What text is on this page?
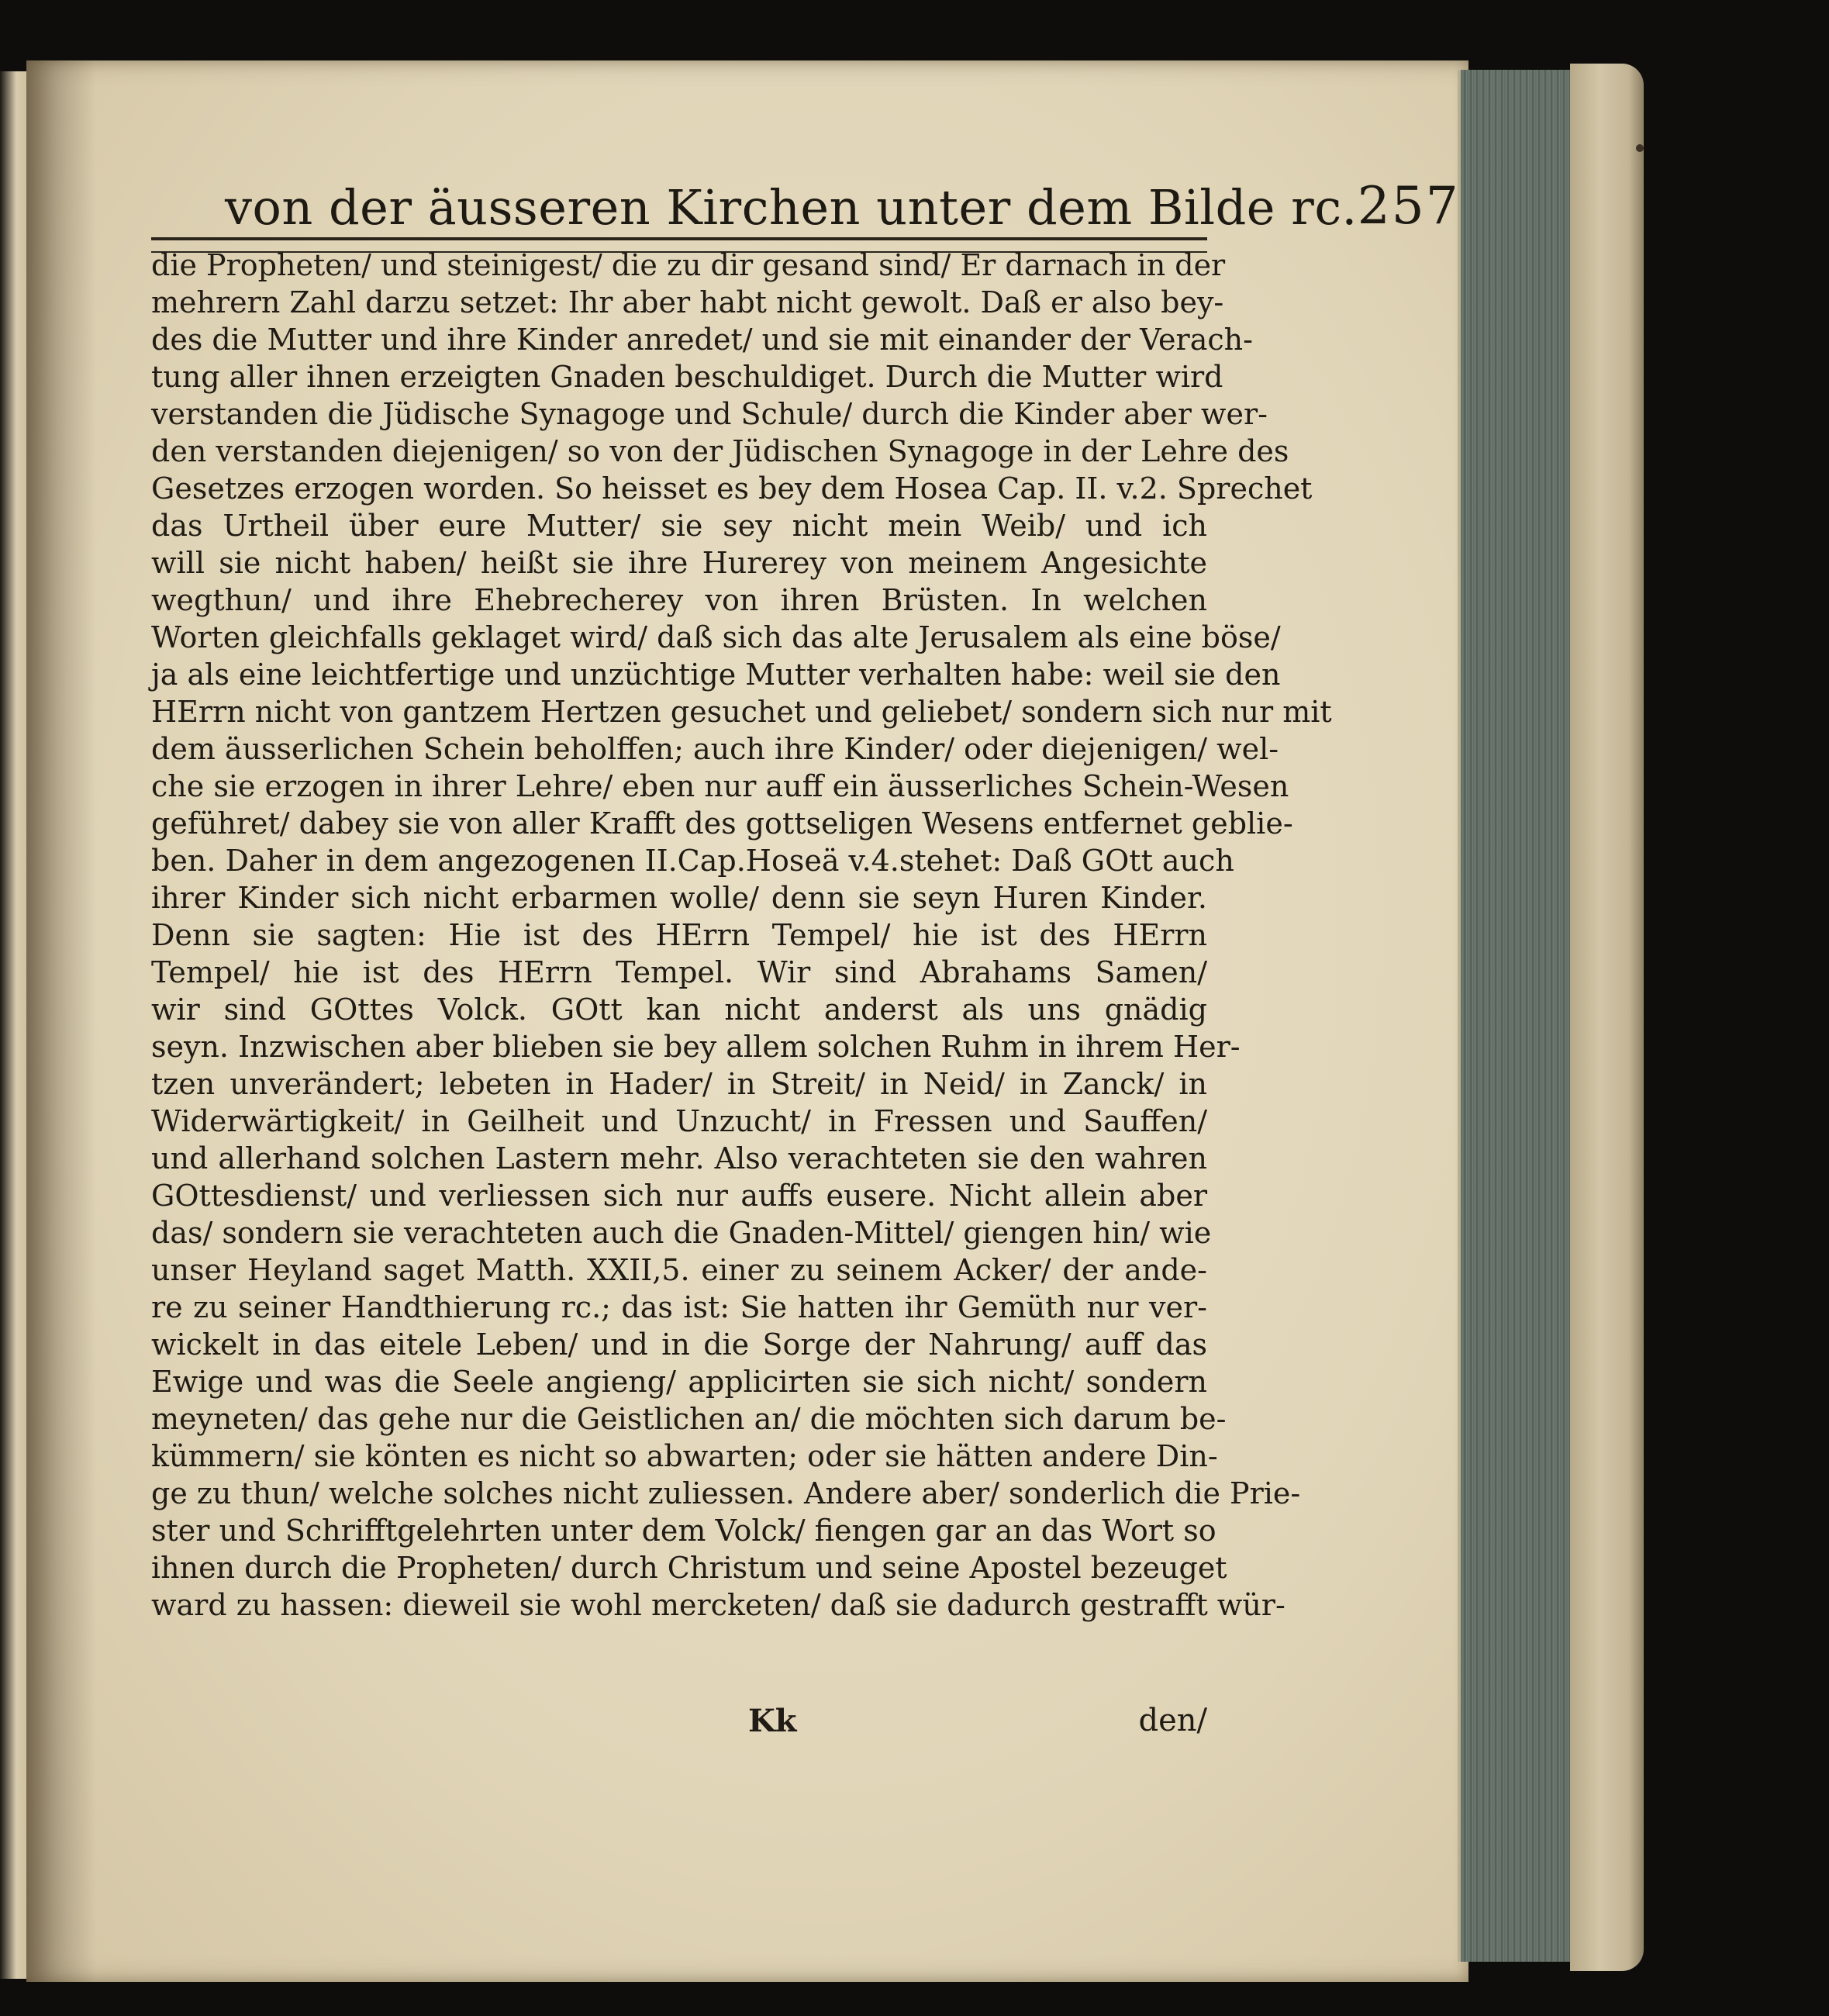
von der äusseren Kirchen unter dem Bilde rc. 257
die Propheten/ und steinigest/ die zu dir gesand sind/ Er darnach in der
mehrern Zahl darzu setzet: Ihr aber habt nicht gewolt. Daß er also bey-
des die Mutter und ihre Kinder anredet/ und sie mit einander der Verach-
tung aller ihnen erzeigten Gnaden beschuldiget. Durch die Mutter wird
verstanden die Jüdische Synagoge und Schule/ durch die Kinder aber wer-
den verstanden diejenigen/ so von der Jüdischen Synagoge in der Lehre des
Gesetzes erzogen worden. So heisset es bey dem Hosea Cap. II. v.2. Sprechet
das Urtheil über eure Mutter/ sie sey nicht mein Weib/ und ich
will sie nicht haben/ heißt sie ihre Hurerey von meinem Angesichte
wegthun/ und ihre Ehebrecherey von ihren Brüsten. In welchen
Worten gleichfalls geklaget wird/ daß sich das alte Jerusalem als eine böse/
ja als eine leichtfertige und unzüchtige Mutter verhalten habe: weil sie den
HErrn nicht von gantzem Hertzen gesuchet und geliebet/ sondern sich nur mit
dem äusserlichen Schein beholffen; auch ihre Kinder/ oder diejenigen/ wel-
che sie erzogen in ihrer Lehre/ eben nur auff ein äusserliches Schein-Wesen
geführet/ dabey sie von aller Krafft des gottseligen Wesens entfernet geblie-
ben. Daher in dem angezogenen II.Cap.Hoseä v.4.stehet: Daß GOtt auch
ihrer Kinder sich nicht erbarmen wolle/ denn sie seyn Huren Kinder.
Denn sie sagten: Hie ist des HErrn Tempel/ hie ist des HErrn
Tempel/ hie ist des HErrn Tempel. Wir sind Abrahams Samen/
wir sind GOttes Volck. GOtt kan nicht anderst als uns gnädig
seyn. Inzwischen aber blieben sie bey allem solchen Ruhm in ihrem Her-
tzen unverändert; lebeten in Hader/ in Streit/ in Neid/ in Zanck/ in
Widerwärtigkeit/ in Geilheit und Unzucht/ in Fressen und Sauffen/
und allerhand solchen Lastern mehr. Also verachteten sie den wahren
GOttesdienst/ und verliessen sich nur auffs eusere. Nicht allein aber
das/ sondern sie verachteten auch die Gnaden-Mittel/ giengen hin/ wie
unser Heyland saget Matth. XXII,5. einer zu seinem Acker/ der ande-
re zu seiner Handthierung rc.; das ist: Sie hatten ihr Gemüth nur ver-
wickelt in das eitele Leben/ und in die Sorge der Nahrung/ auff das
Ewige und was die Seele angieng/ applicirten sie sich nicht/ sondern
meyneten/ das gehe nur die Geistlichen an/ die möchten sich darum be-
kümmern/ sie könten es nicht so abwarten; oder sie hätten andere Din-
ge zu thun/ welche solches nicht zuliessen. Andere aber/ sonderlich die Prie-
ster und Schrifftgelehrten unter dem Volck/ fiengen gar an das Wort so
ihnen durch die Propheten/ durch Christum und seine Apostel bezeuget
ward zu hassen: dieweil sie wohl mercketen/ daß sie dadurch gestrafft wür-
Kk	den/
